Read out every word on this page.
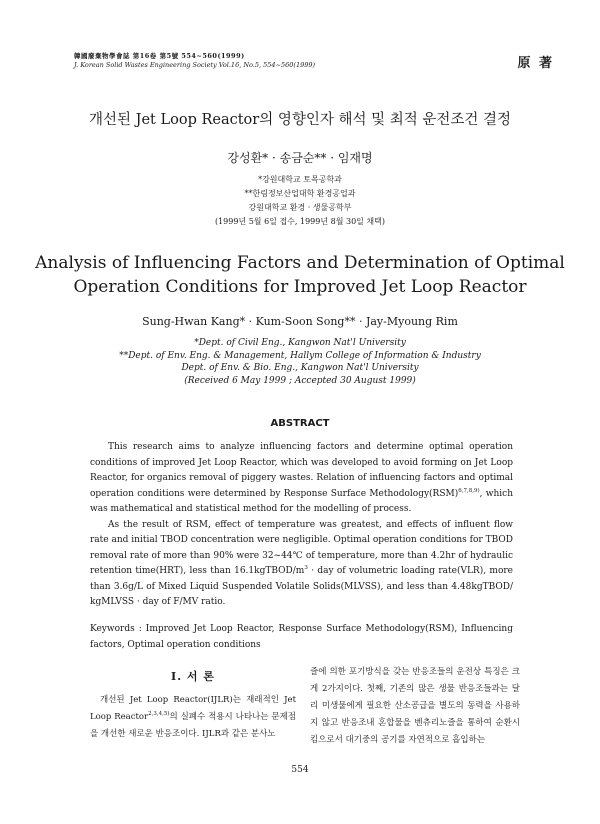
韓國廢棄物學會誌 第16卷 第5號 554~560(1999)
J. Korean Solid Wastes Engineering Society Vol.16, No.5, 554~560(1999)	原 著
개선된 Jet Loop Reactor의 영향인자 해석 및 최적 운전조건 결정
강성환* · 송금순** · 임재명
*강원대학교 토목공학과
**한림정보산업대학 환경공업과
강원대학교 환경 · 생물공학부
(1999년 5월 6일 접수, 1999년 8월 30일 채택)
Analysis of Influencing Factors and Determination of Optimal
Operation Conditions for Improved Jet Loop Reactor
Sung-Hwan Kang* · Kum-Soon Song** · Jay-Myoung Rim
*Dept. of Civil Eng., Kangwon Nat'l University
**Dept. of Env. Eng. & Management, Hallym College of Information & Industry
Dept. of Env. & Bio. Eng., Kangwon Nat'l University
(Received 6 May 1999 ; Accepted 30 August 1999)
ABSTRACT

This research aims to analyze influencing factors and determine optimal operation conditions of improved Jet Loop Reactor, which was developed to avoid forming on Jet Loop Reactor, for organics removal of piggery wastes. Relation of influencing factors and optimal operation conditions were determined by Response Surface Methodology(RSM)$^{6,7,8,9)}$, which was mathematical and statistical method for the modelling of process.

As the result of RSM, effect of temperature was greatest, and effects of influent flow rate and initial TBOD concentration were negligible. Optimal operation conditions for TBOD removal rate of more than 90% were 32~44℃ of temperature, more than 4.2hr of hydraulic retention time(HRT), less than $16.1kgTBOD/m^3$ · day of volumetric loading rate(VLR), more than 3.6g/L of Mixed Liquid Suspended Volatile Solids(MLVSS), and less than 4.48kgTBOD/ kgMLVSS · day of F/MV ratio.

Keywords : Improved Jet Loop Reactor, Response Surface Methodology(RSM), Influencing factors, Optimal operation conditions
I. 서 론

개선된 Jet Loop Reactor(IJLR)는 재래적인 Jet Loop Reactor$^{2,3,4,5)}$의 실폐수 적용시 나타나는 문제점을 개선한 새로운 반응조이다. IJLR과 같은 분사노

즐에 의한 포기방식을 갖는 반응조들의 운전상 특징은 크게 2가지이다. 첫째, 기존의 많은 생물 반응조들과는 달리 미생물에게 필요한 산소공급을 별도의 동력을 사용하지 않고 반응조내 혼합물을 벤츄리노즐을 통하여 순환시킴으로서 대기중의 공기를 자연적으로 흡입하는
554
